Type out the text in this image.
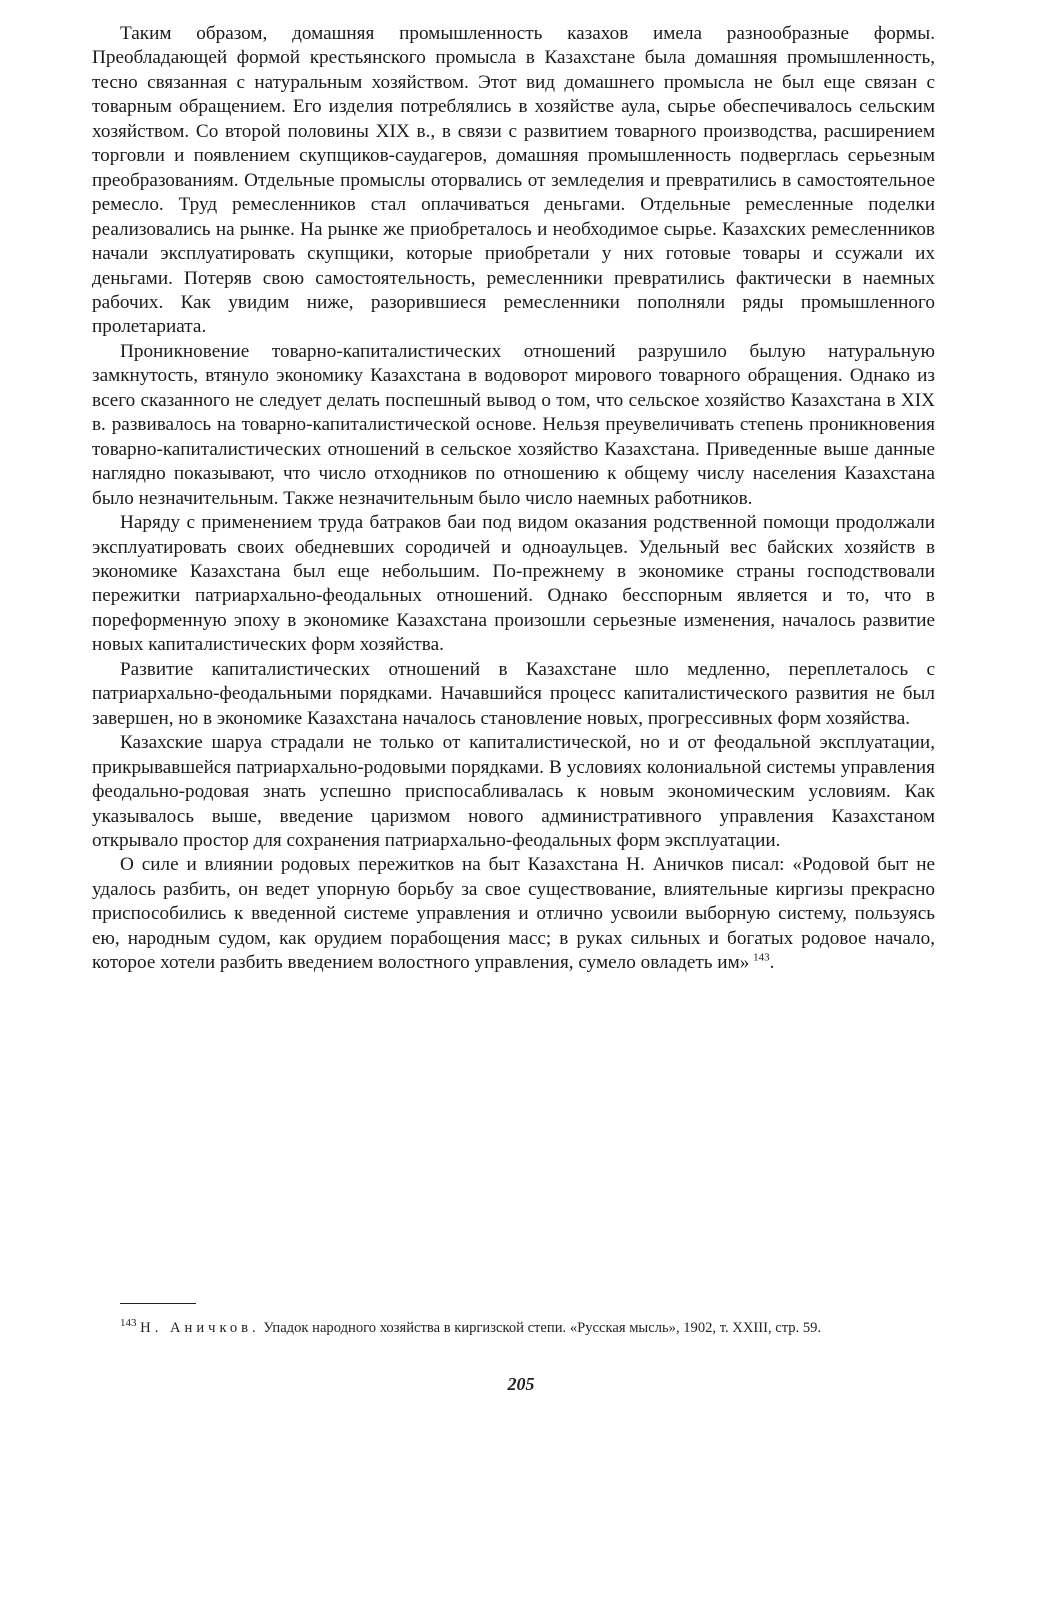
Таким образом, домашняя промышленность казахов имела разнообразные формы. Преобладающей формой крестьянского промысла в Казахстане была домашняя промышленность, тесно связанная с натуральным хозяйством. Этот вид домашнего промысла не был еще связан с товарным обращением. Его изделия потреблялись в хозяйстве аула, сырье обеспечивалось сельским хозяйством. Со второй половины XIX в., в связи с развитием товарного производства, расширением торговли и появлением скупщиков-саудагеров, домашняя промышленность подверглась серьезным преобразованиям. Отдельные промыслы оторвались от земледелия и превратились в самостоятельное ремесло. Труд ремесленников стал оплачиваться деньгами. Отдельные ремесленные поделки реализовались на рынке. На рынке же приобреталось и необходимое сырье. Казахских ремесленников начали эксплуатировать скупщики, которые приобретали у них готовые товары и ссужали их деньгами. Потеряв свою самостоятельность, ремесленники превратились фактически в наемных рабочих. Как увидим ниже, разорившиеся ремесленники пополняли ряды промышленного пролетариата.

Проникновение товарно-капиталистических отношений разрушило былую натуральную замкнутость, втянуло экономику Казахстана в водоворот мирового товарного обращения. Однако из всего сказанного не следует делать поспешный вывод о том, что сельское хозяйство Казахстана в XIX в. развивалось на товарно-капиталистической основе. Нельзя преувеличивать степень проникновения товарно-капиталистических отношений в сельское хозяйство Казахстана. Приведенные выше данные наглядно показывают, что число отходников по отношению к общему числу населения Казахстана было незначительным. Также незначительным было число наемных работников.

Наряду с применением труда батраков баи под видом оказания родственной помощи продолжали эксплуатировать своих обедневших сородичей и одноаульцев. Удельный вес байских хозяйств в экономике Казахстана был еще небольшим. По-прежнему в экономике страны господствовали пережитки патриархально-феодальных отношений. Однако бесспорным является и то, что в пореформенную эпоху в экономике Казахстана произошли серьезные изменения, началось развитие новых капиталистических форм хозяйства.

Развитие капиталистических отношений в Казахстане шло медленно, переплеталось с патриархально-феодальными порядками. Начавшийся процесс капиталистического развития не был завершен, но в экономике Казахстана началось становление новых, прогрессивных форм хозяйства.

Казахские шаруа страдали не только от капиталистической, но и от феодальной эксплуатации, прикрывавшейся патриархально-родовыми порядками. В условиях колониальной системы управления феодально-родовая знать успешно приспосабливалась к новым экономическим условиям. Как указывалось выше, введение царизмом нового административного управления Казахстаном открывало простор для сохранения патриархально-феодальных форм эксплуатации.

О силе и влиянии родовых пережитков на быт Казахстана Н. Аничков писал: «Родовой быт не удалось разбить, он ведет упорную борьбу за свое существование, влиятельные киргизы прекрасно приспособились к введенной системе управления и отлично усвоили выборную систему, пользуясь ею, народным судом, как орудием порабощения масс; в руках сильных и богатых родовое начало, которое хотели разбить введением волостного управления, сумело овладеть им»  $^{143}$.

$^{143}$ Н. Аничков. Упадок народного хозяйства в киргизской степи. «Русская мысль», 1902, т. XXIII, стр. 59.
205
